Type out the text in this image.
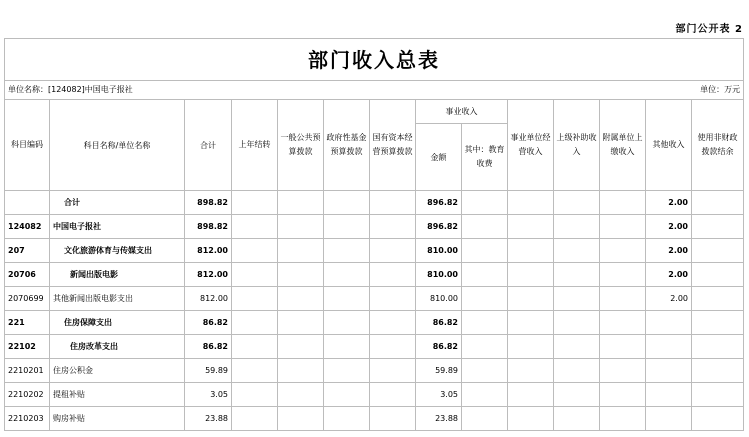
部门公开表 2
部门收入总表													
单位名称：[124082]中国电子报社												单位：万元	
科目编码	科目名称/单位名称	合计	上年结转	一般公共预算拨款	政府性基金预算拨款	国有资本经营预算拨款	事业收入		事业单位经营收入	上级补助收入	附属单位上缴收入	其他收入	使用非财政拨款结余
							金额	其中：教育收费					
	合计	898.82					896.82					2.00	
124082	中国电子报社	898.82					896.82					2.00	
207	文化旅游体育与传媒支出	812.00					810.00					2.00	
20706	新闻出版电影	812.00					810.00					2.00	
2070699	其他新闻出版电影支出	812.00					810.00					2.00	
221	住房保障支出	86.82					86.82						
22102	住房改革支出	86.82					86.82						
2210201	住房公积金	59.89					59.89						
2210202	提租补贴	3.05					3.05						
2210203	购房补贴	23.88					23.88						
